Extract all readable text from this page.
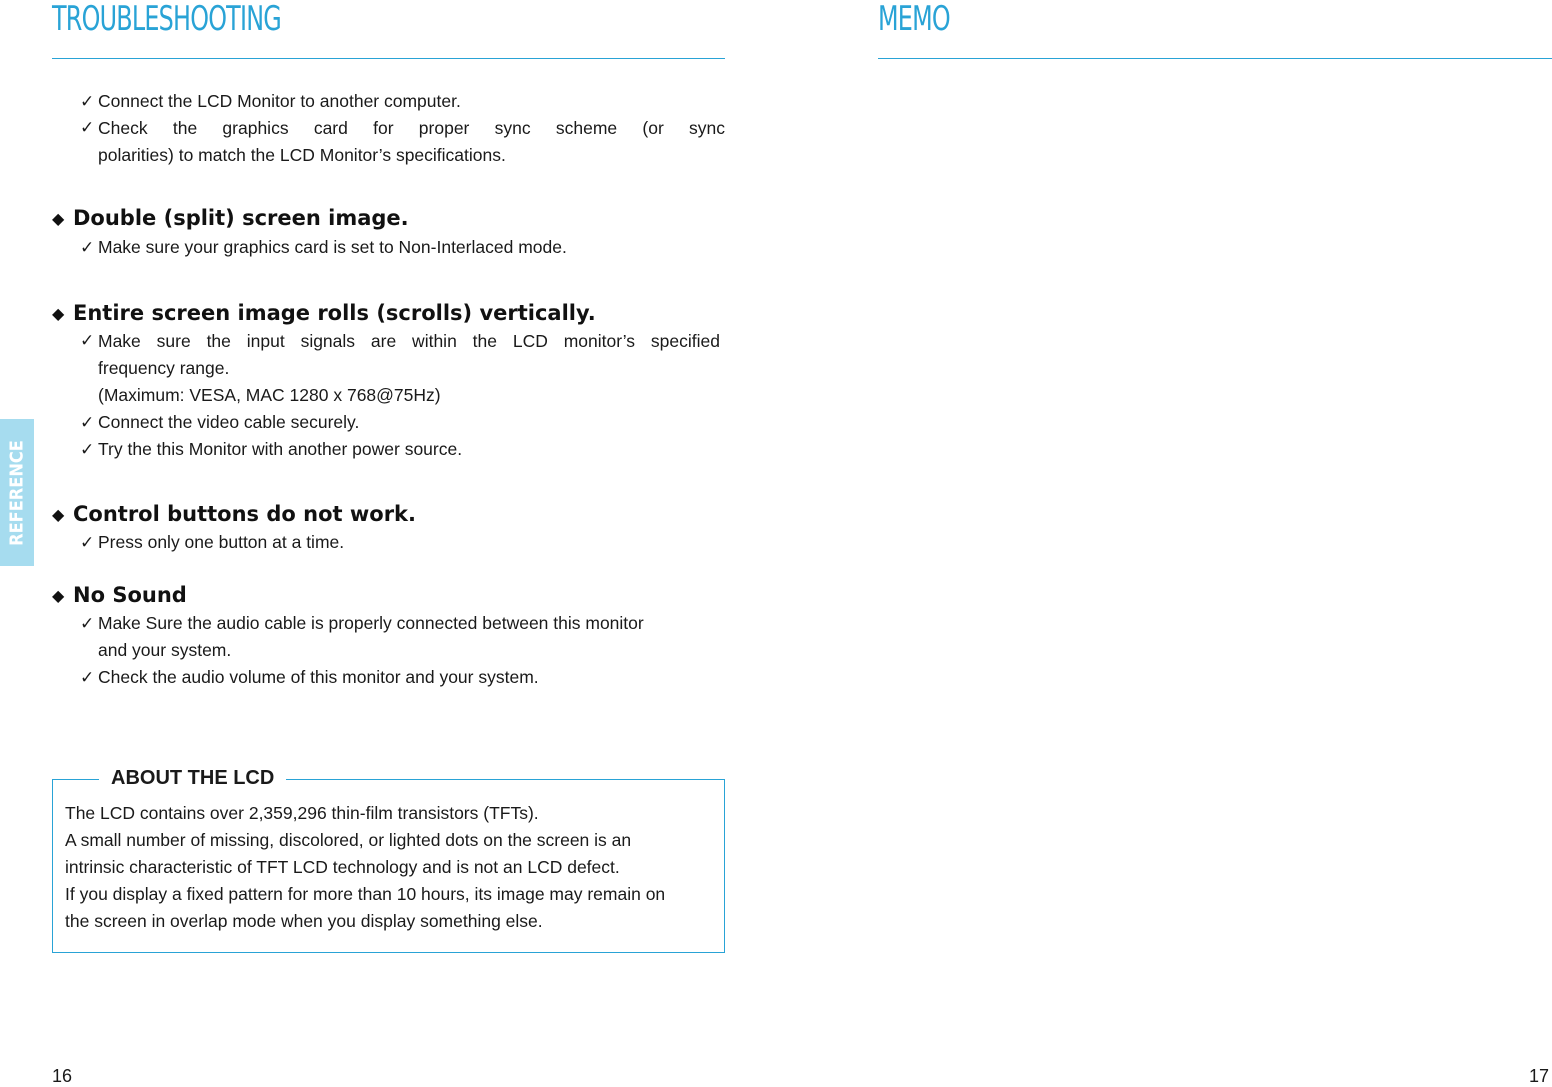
TROUBLESHOOTING
✓ Connect the LCD Monitor to another computer.
✓ Check the graphics card for proper sync scheme (or sync
polarities) to match the LCD Monitor’s specifications.
◆ Double (split) screen image.
✓ Make sure your graphics card is set to Non-Interlaced mode.
◆ Entire screen image rolls (scrolls) vertically.
✓ Make sure the input signals are within the LCD monitor’s specified
frequency range.
(Maximum: VESA, MAC 1280 x 768@75Hz)
✓ Connect the video cable securely.
✓ Try the this Monitor with another power source.
◆ Control buttons do not work.
✓ Press only one button at a time.
◆ No Sound
✓ Make Sure the audio cable is properly connected between this monitor
and your system.
✓ Check the audio volume of this monitor and your system.
REFERENCE
ABOUT THE LCD
The LCD contains over 2,359,296 thin-film transistors (TFTs).
A small number of missing, discolored, or lighted dots on the screen is an
intrinsic characteristic of TFT LCD technology and is not an LCD defect.
If you display a fixed pattern for more than 10 hours, its image may remain on
the screen in overlap mode when you display something else.
16
MEMO
17
